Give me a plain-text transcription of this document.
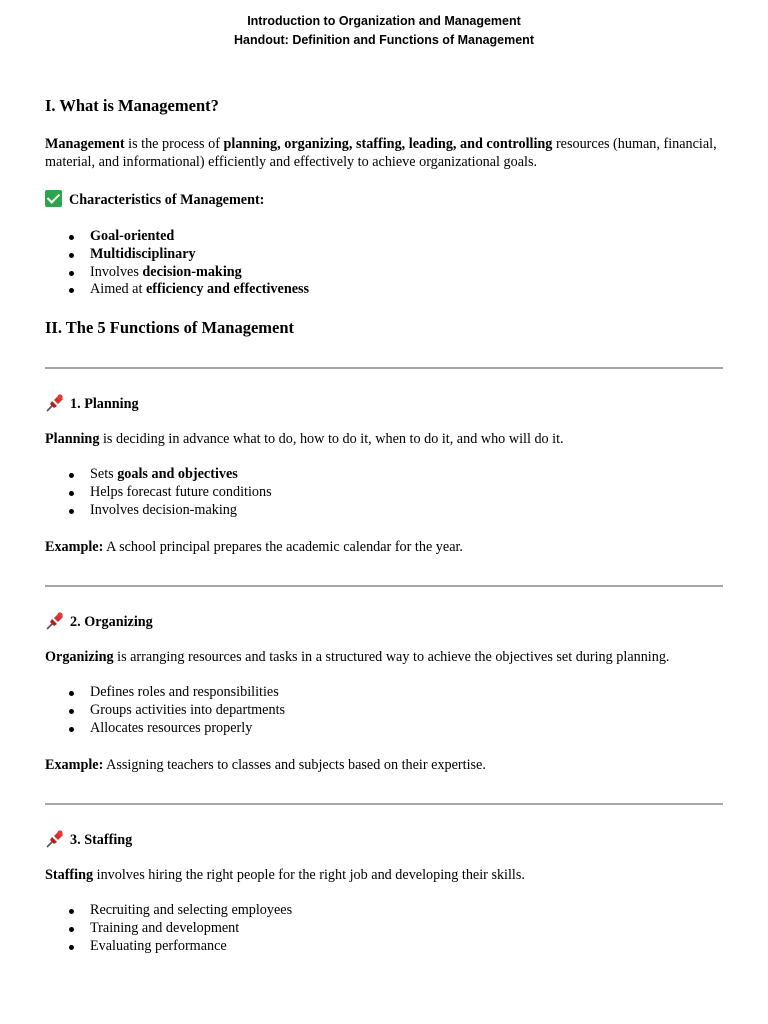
Introduction to Organization and Management
Handout: Definition and Functions of Management
I. What is Management?
Management is the process of planning, organizing, staffing, leading, and controlling resources (human, financial, material, and informational) efficiently and effectively to achieve organizational goals.
Characteristics of Management:
Goal-oriented
Multidisciplinary
Involves decision-making
Aimed at efficiency and effectiveness
II. The 5 Functions of Management
1. Planning
Planning is deciding in advance what to do, how to do it, when to do it, and who will do it.
Sets goals and objectives
Helps forecast future conditions
Involves decision-making
Example: A school principal prepares the academic calendar for the year.
2. Organizing
Organizing is arranging resources and tasks in a structured way to achieve the objectives set during planning.
Defines roles and responsibilities
Groups activities into departments
Allocates resources properly
Example: Assigning teachers to classes and subjects based on their expertise.
3. Staffing
Staffing involves hiring the right people for the right job and developing their skills.
Recruiting and selecting employees
Training and development
Evaluating performance
